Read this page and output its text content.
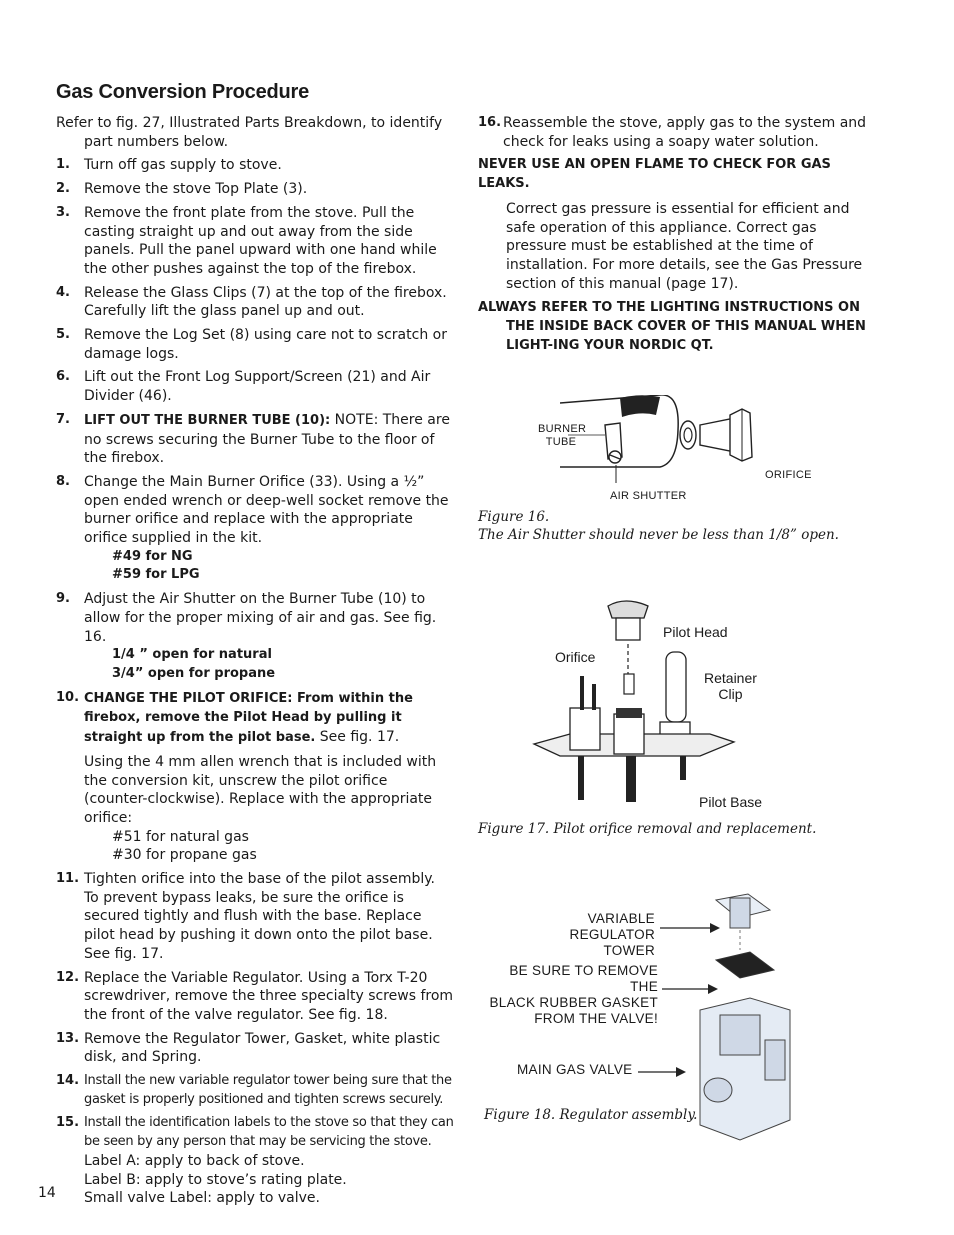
Gas Conversion Procedure

Refer to fig. 27, Illustrated Parts Breakdown, to identify part numbers below.

1.	Turn off gas supply to stove.
2.	Remove the stove Top Plate (3).
3.	Remove the front plate from the stove. Pull the casting straight up and out away from the side panels. Pull the panel upward with one hand while the other pushes against the top of the firebox.
4.	Release the Glass Clips (7) at the top of the firebox. Carefully lift the glass panel up and out.
5.	Remove the Log Set (8) using care not to scratch or damage logs.
6.	Lift out the Front Log Support/Screen (21) and Air Divider (46).
7.	LIFT OUT THE BURNER TUBE (10): NOTE: There are no screws securing the Burner Tube to the floor of the firebox.
8.	Change the Main Burner Orifice (33). Using a ½” open ended wrench or deep-well socket remove the burner orifice and replace with the appropriate orifice supplied in the kit.
#49 for NG
#59 for LPG
9.	Adjust the Air Shutter on the Burner Tube (10) to allow for the proper mixing of air and gas. See fig. 16.
1/4 ” open for natural
3/4” open for propane
10. CHANGE THE PILOT ORIFICE: From within the firebox, remove the Pilot Head by pulling it straight up from the pilot base. See fig. 17.
Using the 4 mm allen wrench that is included with the conversion kit, unscrew the pilot orifice (counter-clockwise). Replace with the appropriate orifice:
#51 for natural gas
#30 for propane gas
11. Tighten orifice into the base of the pilot assembly. To prevent bypass leaks, be sure the orifice is secured tightly and flush with the base. Replace pilot head by pushing it down onto the pilot base. See fig. 17.
12. Replace the Variable Regulator. Using a Torx T-20 screwdriver, remove the three specialty screws from the front of the valve regulator. See fig. 18.
13. Remove the Regulator Tower, Gasket, white plastic disk, and Spring.
14. Install the new variable regulator tower being sure that the gasket is properly positioned and tighten screws securely.
15. Install the identification labels to the stove so that they can be seen by any person that may be servicing the stove.
Label A: apply to back of stove.
Label B: apply to stove’s rating plate.
Small valve Label: apply to valve.
16. Reassemble the stove, apply gas to the system and check for leaks using a soapy water solution.

NEVER USE AN OPEN FLAME TO CHECK FOR GAS LEAKS.

Correct gas pressure is essential for efficient and safe operation of this appliance. Correct gas pressure must be established at the time of installation. For more details, see the Gas Pressure section of this manual (page 17).

ALWAYS REFER TO THE LIGHTING INSTRUCTIONS ON THE INSIDE BACK COVER OF THIS MANUAL WHEN LIGHT-ING YOUR NORDIC QT.

BURNER
TUBE
ORIFICE
AIR SHUTTER
Figure 16.
The Air Shutter should never be less than 1/8” open.
Pilot Head
Orifice
Retainer
Clip
Pilot Base
Figure 17. Pilot orifice removal and replacement.
VARIABLE
REGULATOR TOWER
BE SURE TO REMOVE THE
BLACK RUBBER GASKET
FROM THE VALVE!
MAIN GAS VALVE
Figure 18. Regulator assembly.
14
